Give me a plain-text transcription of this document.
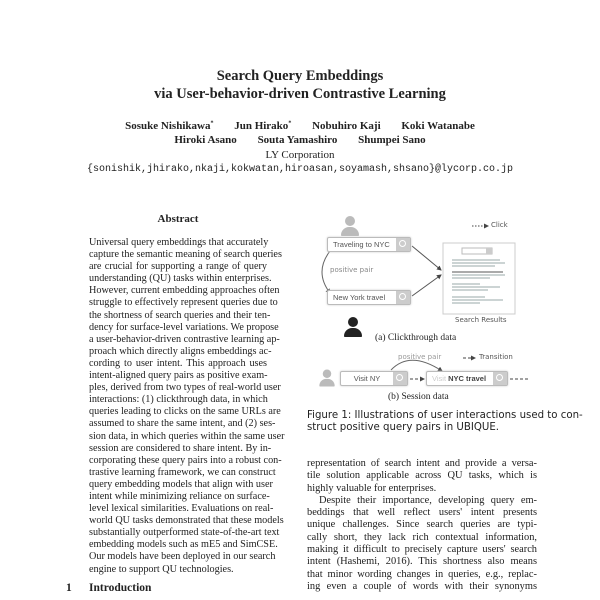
Search Query Embeddings
via User-behavior-driven Contrastive Learning
Sosuke Nishikawa* Jun Hirako* Nobuhiro Kaji Koki Watanabe
Hiroki Asano Souta Yamashiro Shumpei Sano
LY Corporation
{sonishik,jhirako,nkaji,kokwatan,hiroasan,soyamash,shsano}@lycorp.co.jp
Abstract
Universal query embeddings that accurately
capture the semantic meaning of search queries
are crucial for supporting a range of query
understanding (QU) tasks within enterprises.
However, current embedding approaches often
struggle to effectively represent queries due to
the shortness of search queries and their ten-
dency for surface-level variations. We propose
a user-behavior-driven contrastive learning ap-
proach which directly aligns embeddings ac-
cording to user intent. This approach uses
intent-aligned query pairs as positive exam-
ples, derived from two types of real-world user
interactions: (1) clickthrough data, in which
queries leading to clicks on the same URLs are
assumed to share the same intent, and (2) ses-
sion data, in which queries within the same user
session are considered to share intent. By in-
corporating these query pairs into a robust con-
trastive learning framework, we can construct
query embedding models that align with user
intent while minimizing reliance on surface-
level lexical similarities. Evaluations on real-
world QU tasks demonstrated that these models
substantially outperformed state-of-the-art text
embedding models such as mE5 and SimCSE.
Our models have been deployed in our search
engine to support QU technologies.
1 Introduction
Click
Traveling to NYC
positive pair
New York travel
Search Results
(a) Clickthrough data
positive pair	Transition
Visit NY	Visit NYC travel
(b) Session data
Figure 1: Illustrations of user interactions used to con-
struct positive query pairs in UBIQUE.
representation of search intent and provide a versa-
tile solution applicable across QU tasks, which is
highly valuable for enterprises.
Despite their importance, developing query em-
beddings that well reflect users' intent presents
unique challenges. Since search queries are typi-
cally short, they lack rich contextual information,
making it difficult to precisely capture users' search
intent (Hashemi, 2016). This shortness also means
that minor wording changes in queries, e.g., replac-
ing even a couple of words with their synonyms
